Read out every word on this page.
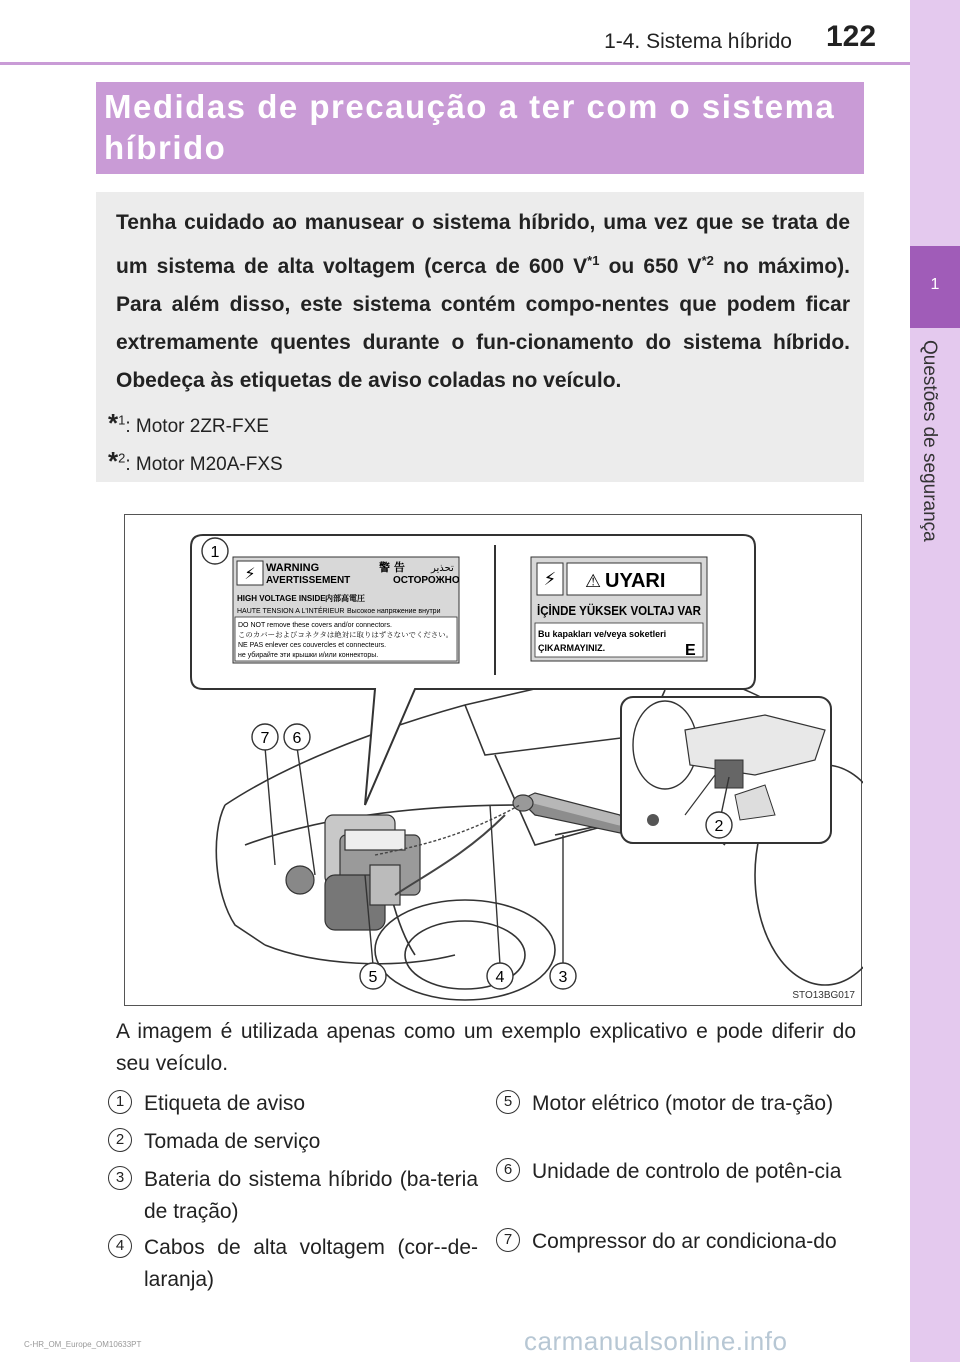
1-4. Sistema híbrido 122
1
Questões de segurança
Medidas de precaução a ter com o sistema híbrido
Tenha cuidado ao manusear o sistema híbrido, uma vez que se trata de um sistema de alta voltagem (cerca de 600 $V^{*1}$ ou 650 $V^{*2}$ no máximo). Para além disso, este sistema contém compo-nentes que podem ficar extremamente quentes durante o fun-cionamento do sistema híbrido. Obedeça às etiquetas de aviso coladas no veículo.
*$^1$: Motor 2ZR-FXE
*$^2$: Motor M20A-FXS
⚡ WARNING	警 告	تحذير
AVERTISSEMENT	ОСТОРОЖНО
HIGH VOLTAGE INSIDE 内部高電圧
HAUTE TENSION A L'INTÉRIEUR Высокое напряжение внутри
DO NOT remove these covers and/or connectors.
このカバーおよびコネクタは絶対に取りはずさないでください。
NE PAS enlever ces couvercles et connecteurs.
не убирайте эти крышки и/или коннекторы.
⚡ ⚠ UYARI
İÇİNDE YÜKSEK VOLTAJ VAR
Bu kapakları ve/veya soketleri
ÇIKARMAYINIZ.	E
1
2
3
4
5
6
7
STO13BG017
A imagem é utilizada apenas como um exemplo explicativo e pode diferir do seu veículo.
1 Etiqueta de aviso
2 Tomada de serviço
3 Bateria do sistema híbrido (ba-teria de tração)
4 Cabos de alta voltagem (cor--de-laranja)
5 Motor elétrico (motor de tra-ção)
6 Unidade de controlo de potên-cia
7 Compressor do ar condiciona-do
C-HR_OM_Europe_OM10633PT	carmanualsonline.info
